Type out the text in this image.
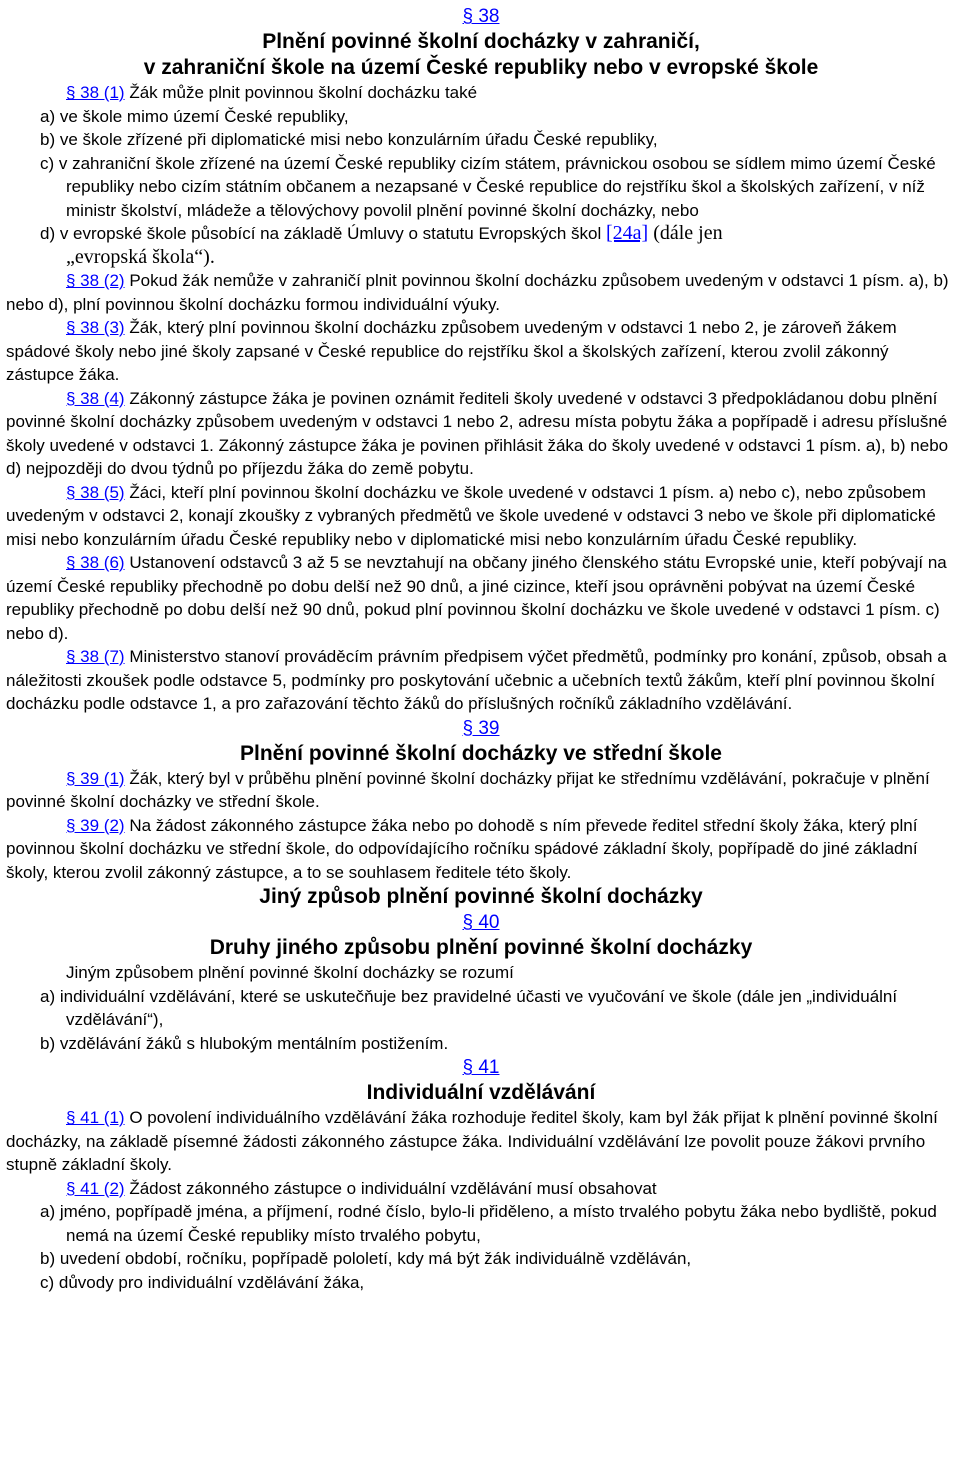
§ 38
Plnění povinné školní docházky v zahraničí,
v zahraniční škole na území České republiky nebo v evropské škole

§ 38 (1) Žák může plnit povinnou školní docházku také

a) ve škole mimo území České republiky,

b) ve škole zřízené při diplomatické misi nebo konzulárním úřadu České republiky,

c) v zahraniční škole zřízené na území České republiky cizím státem, právnickou osobou se sídlem mimo území České republiky nebo cizím státním občanem a nezapsané v České republice do rejstříku škol a školských zařízení, v níž ministr školství, mládeže a tělovýchovy povolil plnění povinné školní docházky, nebo

d) v evropské škole působící na základě Úmluvy o statutu Evropských škol [24a] (dále jen
„evropská škola“).

§ 38 (2) Pokud žák nemůže v zahraničí plnit povinnou školní docházku způsobem uvedeným v odstavci 1 písm. a), b) nebo d), plní povinnou školní docházku formou individuální výuky.

§ 38 (3) Žák, který plní povinnou školní docházku způsobem uvedeným v odstavci 1 nebo 2, je zároveň žákem spádové školy nebo jiné školy zapsané v České republice do rejstříku škol a školských zařízení, kterou zvolil zákonný zástupce žáka.

§ 38 (4) Zákonný zástupce žáka je povinen oznámit řediteli školy uvedené v odstavci 3 předpokládanou dobu plnění povinné školní docházky způsobem uvedeným v odstavci 1 nebo 2, adresu místa pobytu žáka a popřípadě i adresu příslušné školy uvedené v odstavci 1. Zákonný zástupce žáka je povinen přihlásit žáka do školy uvedené v odstavci 1 písm. a), b) nebo d) nejpozději do dvou týdnů po příjezdu žáka do země pobytu.

§ 38 (5) Žáci, kteří plní povinnou školní docházku ve škole uvedené v odstavci 1 písm. a) nebo c), nebo způsobem uvedeným v odstavci 2, konají zkoušky z vybraných předmětů ve škole uvedené v odstavci 3 nebo ve škole při diplomatické misi nebo konzulárním úřadu České republiky nebo v diplomatické misi nebo konzulárním úřadu České republiky.

§ 38 (6) Ustanovení odstavců 3 až 5 se nevztahují na občany jiného členského státu Evropské unie, kteří pobývají na území České republiky přechodně po dobu delší než 90 dnů, a jiné cizince, kteří jsou oprávněni pobývat na území České republiky přechodně po dobu delší než 90 dnů, pokud plní povinnou školní docházku ve škole uvedené v odstavci 1 písm. c) nebo d).

§ 38 (7) Ministerstvo stanoví prováděcím právním předpisem výčet předmětů, podmínky pro konání, způsob, obsah a náležitosti zkoušek podle odstavce 5, podmínky pro poskytování učebnic a učebních textů žákům, kteří plní povinnou školní docházku podle odstavce 1, a pro zařazování těchto žáků do příslušných ročníků základního vzdělávání.

§ 39
Plnění povinné školní docházky ve střední škole

§ 39 (1) Žák, který byl v průběhu plnění povinné školní docházky přijat ke střednímu vzdělávání, pokračuje v plnění povinné školní docházky ve střední škole.

§ 39 (2) Na žádost zákonného zástupce žáka nebo po dohodě s ním převede ředitel střední školy žáka, který plní povinnou školní docházku ve střední škole, do odpovídajícího ročníku spádové základní školy, popřípadě do jiné základní školy, kterou zvolil zákonný zástupce, a to se souhlasem ředitele této školy.

Jiný způsob plnění povinné školní docházky
§ 40
Druhy jiného způsobu plnění povinné školní docházky

Jiným způsobem plnění povinné školní docházky se rozumí

a) individuální vzdělávání, které se uskutečňuje bez pravidelné účasti ve vyučování ve škole (dále jen „individuální vzdělávání“),

b) vzdělávání žáků s hlubokým mentálním postižením.

§ 41
Individuální vzdělávání

§ 41 (1) O povolení individuálního vzdělávání žáka rozhoduje ředitel školy, kam byl žák přijat k plnění povinné školní docházky, na základě písemné žádosti zákonného zástupce žáka. Individuální vzdělávání lze povolit pouze žákovi prvního stupně základní školy.

§ 41 (2) Žádost zákonného zástupce o individuální vzdělávání musí obsahovat

a) jméno, popřípadě jména, a příjmení, rodné číslo, bylo-li přiděleno, a místo trvalého pobytu žáka nebo bydliště, pokud nemá na území České republiky místo trvalého pobytu,

b) uvedení období, ročníku, popřípadě pololetí, kdy má být žák individuálně vzděláván,

c) důvody pro individuální vzdělávání žáka,
